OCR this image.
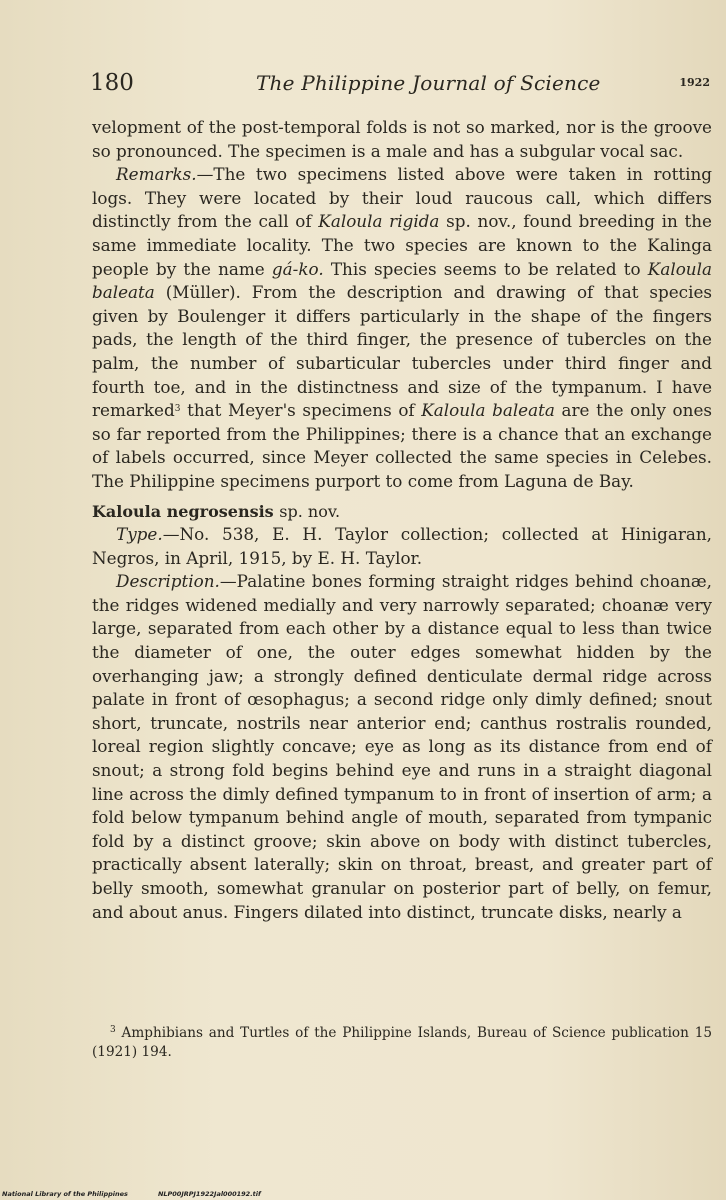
180	The Philippine Journal of Science	1922

velopment of the post-temporal folds is not so marked, nor is the groove so pronounced. The specimen is a male and has a subgular vocal sac.

Remarks.—The two specimens listed above were taken in rotting logs. They were located by their loud raucous call, which differs distinctly from the call of Kaloula rigida sp. nov., found breeding in the same immediate locality. The two species are known to the Kalinga people by the name gá-ko. This species seems to be related to Kaloula baleata (Müller). From the description and drawing of that species given by Boulenger it differs particularly in the shape of the fingers pads, the length of the third finger, the presence of tubercles on the palm, the number of subarticular tubercles under third finger and fourth toe, and in the distinctness and size of the tympanum. I have remarked$^3$ that Meyer's specimens of Kaloula baleata are the only ones so far reported from the Philippines; there is a chance that an exchange of labels occurred, since Meyer collected the same species in Celebes. The Philippine specimens purport to come from Laguna de Bay.

Kaloula negrosensis sp. nov.

Type.—No. 538, E. H. Taylor collection; collected at Hinigaran, Negros, in April, 1915, by E. H. Taylor.

Description.—Palatine bones forming straight ridges behind choanæ, the ridges widened medially and very narrowly separated; choanæ very large, separated from each other by a distance equal to less than twice the diameter of one, the outer edges somewhat hidden by the overhanging jaw; a strongly defined denticulate dermal ridge across palate in front of œsophagus; a second ridge only dimly defined; snout short, truncate, nostrils near anterior end; canthus rostralis rounded, loreal region slightly concave; eye as long as its distance from end of snout; a strong fold begins behind eye and runs in a straight diagonal line across the dimly defined tympanum to in front of insertion of arm; a fold below tympanum behind angle of mouth, separated from tympanic fold by a distinct groove; skin above on body with distinct tubercles, practically absent laterally; skin on throat, breast, and greater part of belly smooth, somewhat granular on posterior part of belly, on femur, and about anus. Fingers dilated into distinct, truncate disks, nearly a

$^3$ Amphibians and Turtles of the Philippine Islands, Bureau of Science publication 15 (1921) 194.
National Library of the Philippines	NLP00JRPJ1922Jal000192.tif
